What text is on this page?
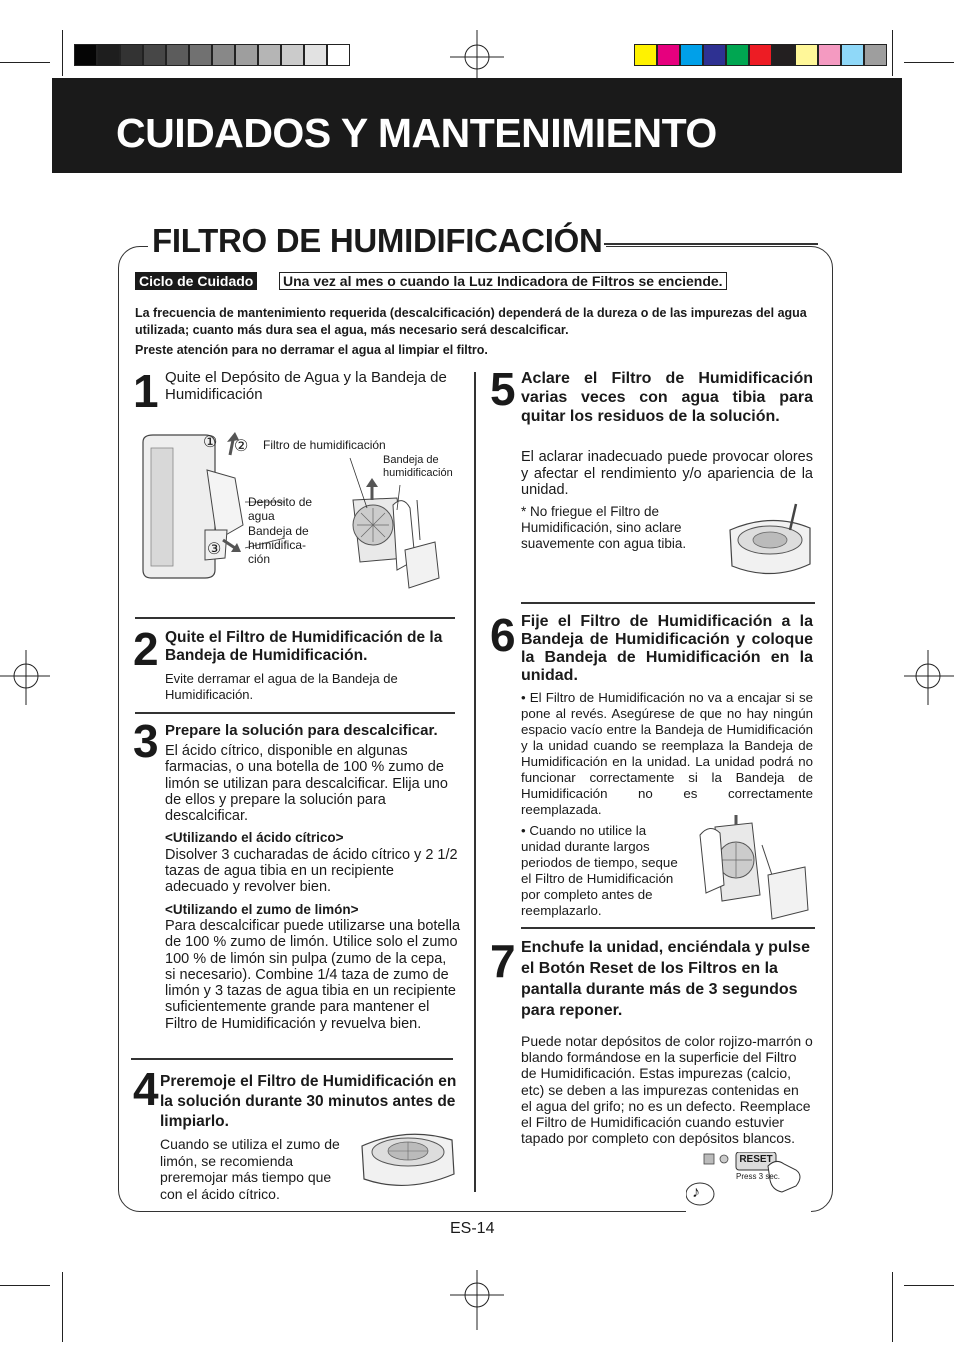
CUIDADOS Y MANTENIMIENTO
FILTRO DE HUMIDIFICACIÓN
Ciclo de Cuidado Una vez al mes o cuando la Luz Indicadora de Filtros se enciende.
La frecuencia de mantenimiento requerida (descalcificación) dependerá de la dureza o de las impurezas del agua utilizada; cuanto más dura sea el agua, más necesario será descalcificar.
Preste atención para no derramar el agua al limpiar el filtro.
1 Quite el Depósito de Agua y la Bandeja de Humidificación
① ②
③
Filtro de humidificación
Bandeja de humidificación
Depósito de agua
Bandeja de humidifica-ción
2 Quite el Filtro de Humidificación de la Bandeja de Humidificación.
Evite derramar el agua de la Bandeja de Humidificación.
3 Prepare la solución para descalcificar.
El ácido cítrico, disponible en algunas farmacias, o una botella de 100 % zumo de limón se utilizan para descalcificar. Elija uno de ellos y prepare la solución para descalcificar.
<Utilizando el ácido cítrico>
Disolver 3 cucharadas de ácido cítrico y 2 1/2 tazas de agua tibia en un recipiente adecuado y revolver bien.
<Utilizando el zumo de limón>
Para descalcificar puede utilizarse una botella de 100 % zumo de limón. Utilice solo el zumo 100 % de limón sin pulpa (zumo de la cepa, si necesario). Combine 1/4 taza de zumo de limón y 3 tazas de agua tibia en un recipiente suficientemente grande para mantener el Filtro de Humidificación y revuelva bien.
4 Preremoje el Filtro de Humidificación en la solución durante 30 minutos antes de limpiarlo.
Cuando se utiliza el zumo de limón, se recomienda preremojar más tiempo que con el ácido cítrico.
5 Aclare el Filtro de Humidificación varias veces con agua tibia para quitar los residuos de la solución.
El aclarar inadecuado puede provocar olores y afectar el rendimiento y/o apariencia de la unidad.
* No friegue el Filtro de Humidificación, sino aclare suavemente con agua tibia.
6 Fije el Filtro de Humidificación a la Bandeja de Humidificación y coloque la Bandeja de Humidificación en la unidad.
• El Filtro de Humidificación no va a encajar si se pone al revés. Asegúrese de que no hay ningún espacio vacío entre la Bandeja de Humidificación y la unidad cuando se reemplaza la Bandeja de Humidificación en la unidad. La unidad podrá no funcionar correctamente si la Bandeja de Humidificación no es correctamente reemplazada.
• Cuando no utilice la unidad durante largos periodos de tiempo, seque el Filtro de Humidificación por completo antes de reemplazarlo.
7 Enchufe la unidad, enciéndala y pulse el Botón Reset de los Filtros en la pantalla durante más de 3 segundos para reponer.
Puede notar depósitos de color rojizo-marrón o blando formándose en la superficie del Filtro de Humidificación. Estas impurezas (calcio, etc) se deben a las impurezas contenidas en el agua del grifo; no es un defecto. Reemplace el Filtro de Humidificación cuando estuvier tapado por completo con depósitos blancos.
RESET
Press 3 sec.
♪
ES-14
